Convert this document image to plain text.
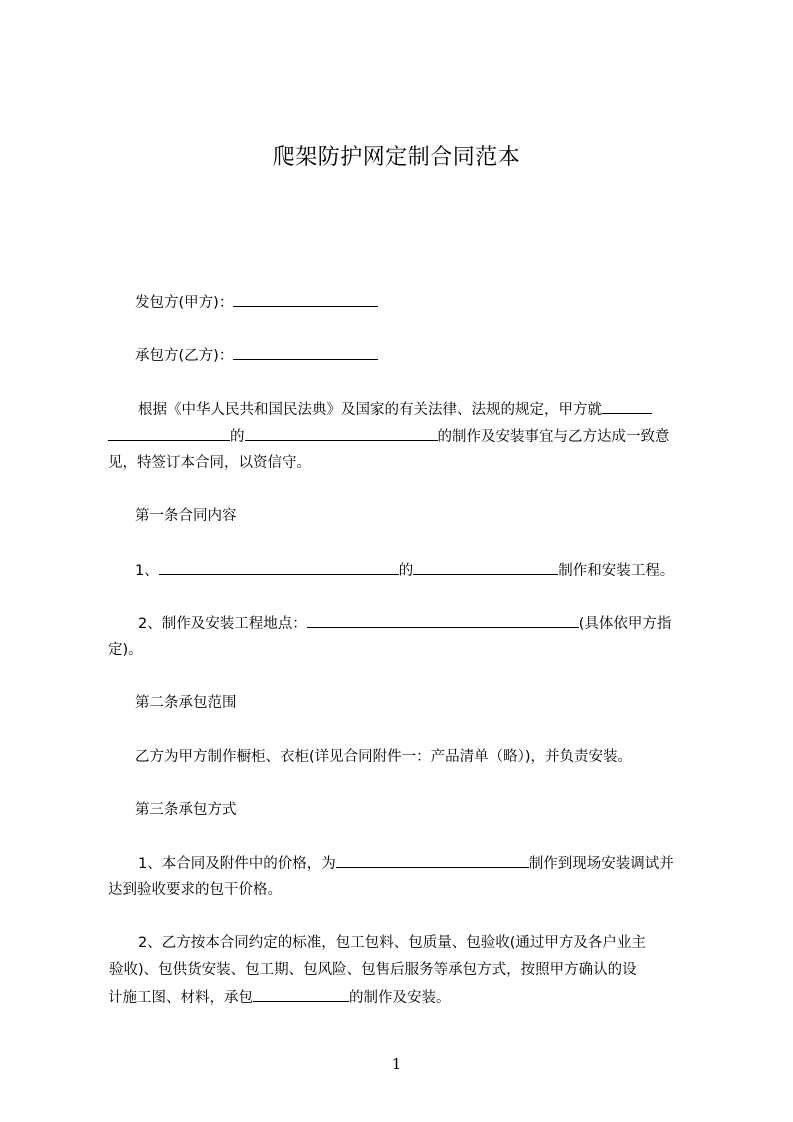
爬架防护网定制合同范本
发包方(甲方)：
承包方(乙方)：
根据《中华人民共和国民法典》及国家的有关法律、法规的规定，甲方就
的	的制作及安装事宜与乙方达成一致意
见，特签订本合同，以资信守。
第一条合同内容
1、	的	制作和安装工程。
2、制作及安装工程地点：	(具体依甲方指
定)。
第二条承包范围
乙方为甲方制作橱柜、衣柜(详见合同附件一：产品清单（略）)，并负责安装。
第三条承包方式
1、本合同及附件中的价格，为	制作到现场安装调试并
达到验收要求的包干价格。
2、乙方按本合同约定的标准，包工包料、包质量、包验收(通过甲方及各户业主
验收)、包供货安装、包工期、包风险、包售后服务等承包方式，按照甲方确认的设
计施工图、材料，承包	的制作及安装。
1
